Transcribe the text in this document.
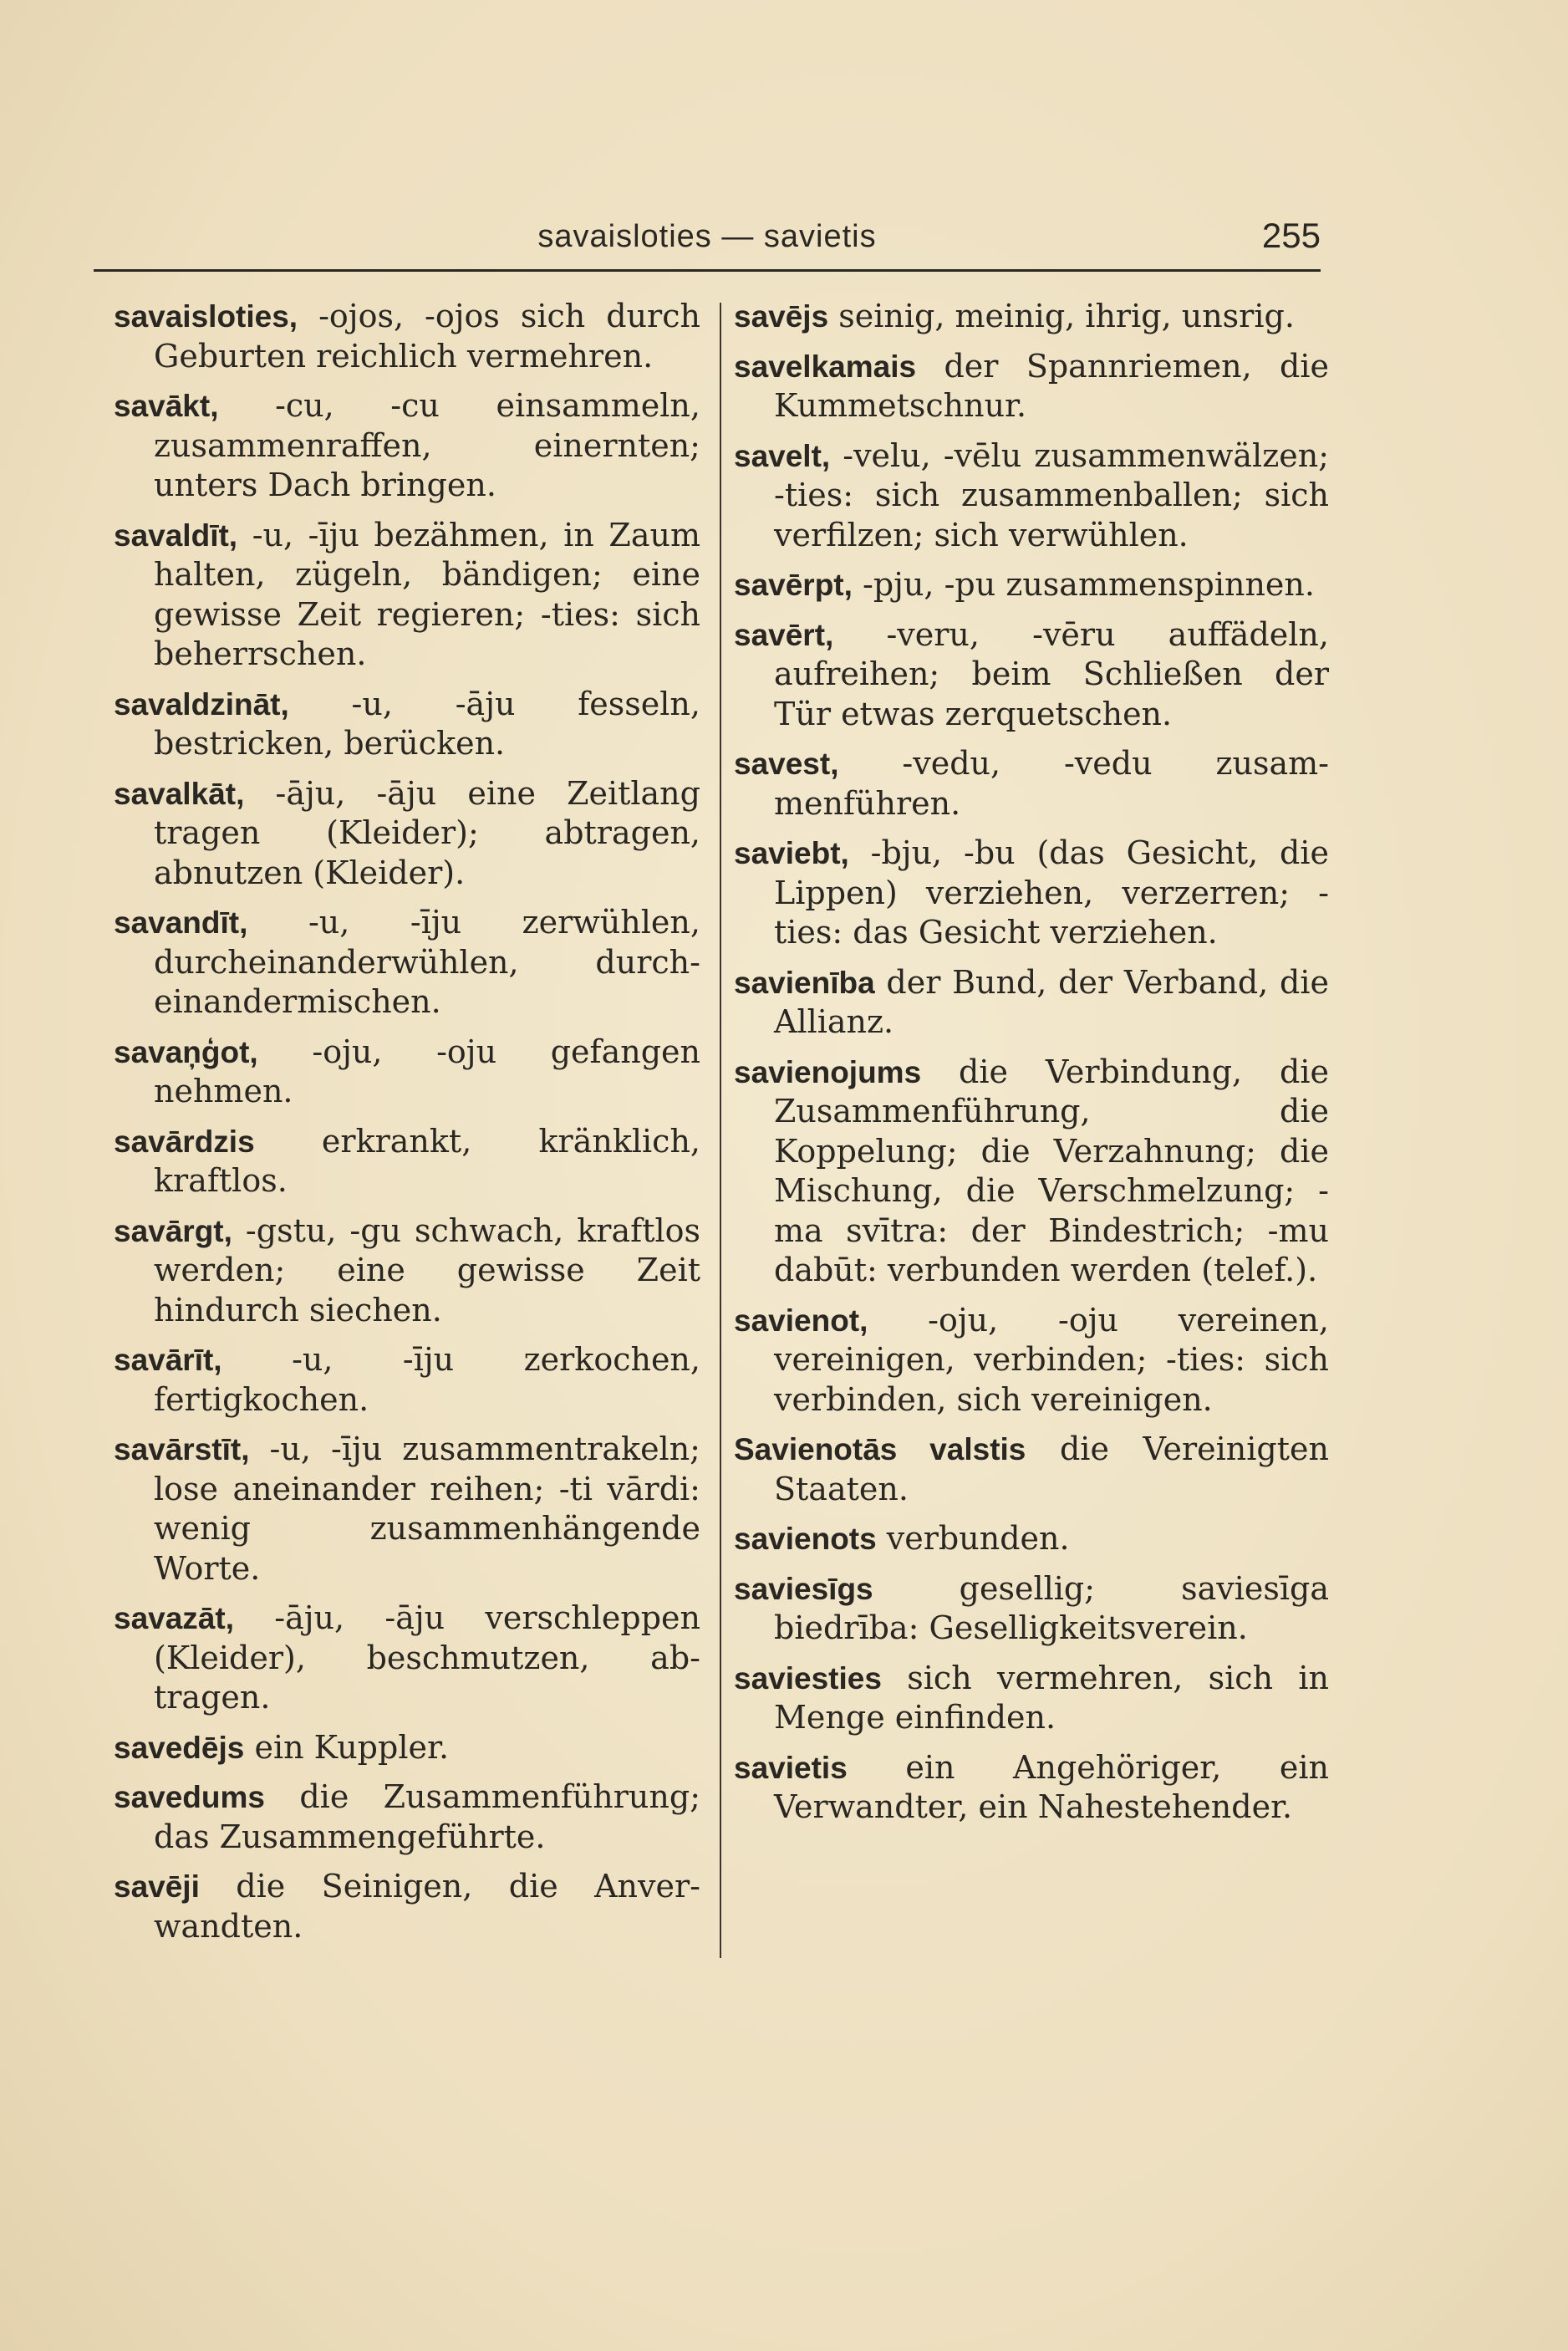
savaisloties — savietis	255

savaisloties, -ojos, -ojos sich durch Geburten reichlich vermehren.

savākt, -cu, -cu einsammeln, zusammenraffen, einernten; unters Dach bringen.

savaldīt, -u, -īju bezähmen, in Zaum halten, zügeln, bändigen; eine gewisse Zeit regieren; -ties: sich beherrschen.

savaldzināt, -u, -āju fesseln, bestricken, berücken.

savalkāt, -āju, -āju eine Zeitlang tragen (Kleider); abtragen, abnutzen (Kleider).

savandīt, -u, -īju zerwühlen, durcheinanderwühlen, durcheinandermischen.

savaņģot, -oju, -oju gefangen nehmen.

savārdzis erkrankt, kränklich, kraftlos.

savārgt, -gstu, -gu schwach, kraftlos werden; eine gewisse Zeit hindurch siechen.

savārīt, -u, -īju zerkochen, fertigkochen.

savārstīt, -u, -īju zusammentrakeln; lose aneinander reihen; -ti vārdi: wenig zusammenhängende Worte.

savazāt, -āju, -āju verschleppen (Kleider), beschmutzen, abtragen.

savedējs ein Kuppler.

savedums die Zusammenführung; das Zusammengeführte.

savēji die Seinigen, die Anverwandten.

savējs seinig, meinig, ihrig, unsrig.

savelkamais der Spannriemen, die Kummetschnur.

savelt, -velu, -vēlu zusammenwälzen; -ties: sich zusammenballen; sich verfilzen; sich verwühlen.

savērpt, -pju, -pu zusammenspinnen.

savērt, -veru, -vēru auffädeln, aufreihen; beim Schließen der Tür etwas zerquetschen.

savest, -vedu, -vedu zusammenführen.

saviebt, -bju, -bu (das Gesicht, die Lippen) verziehen, verzerren; -ties: das Gesicht verziehen.

savienība der Bund, der Verband, die Allianz.

savienojums die Verbindung, die Zusammenführung, die Koppelung; die Verzahnung; die Mischung, die Verschmelzung; -ma svītra: der Bindestrich; -mu dabūt: verbunden werden (telef.).

savienot, -oju, -oju vereinen, vereinigen, verbinden; -ties: sich verbinden, sich vereinigen.

Savienotās valstis die Vereinigten Staaten.

savienots verbunden.

saviesīgs	gesellig; saviesīga biedrība: Geselligkeitsverein.

saviesties sich vermehren, sich in Menge einfinden.

savietis ein Angehöriger, ein Verwandter, ein Nahestehender.
